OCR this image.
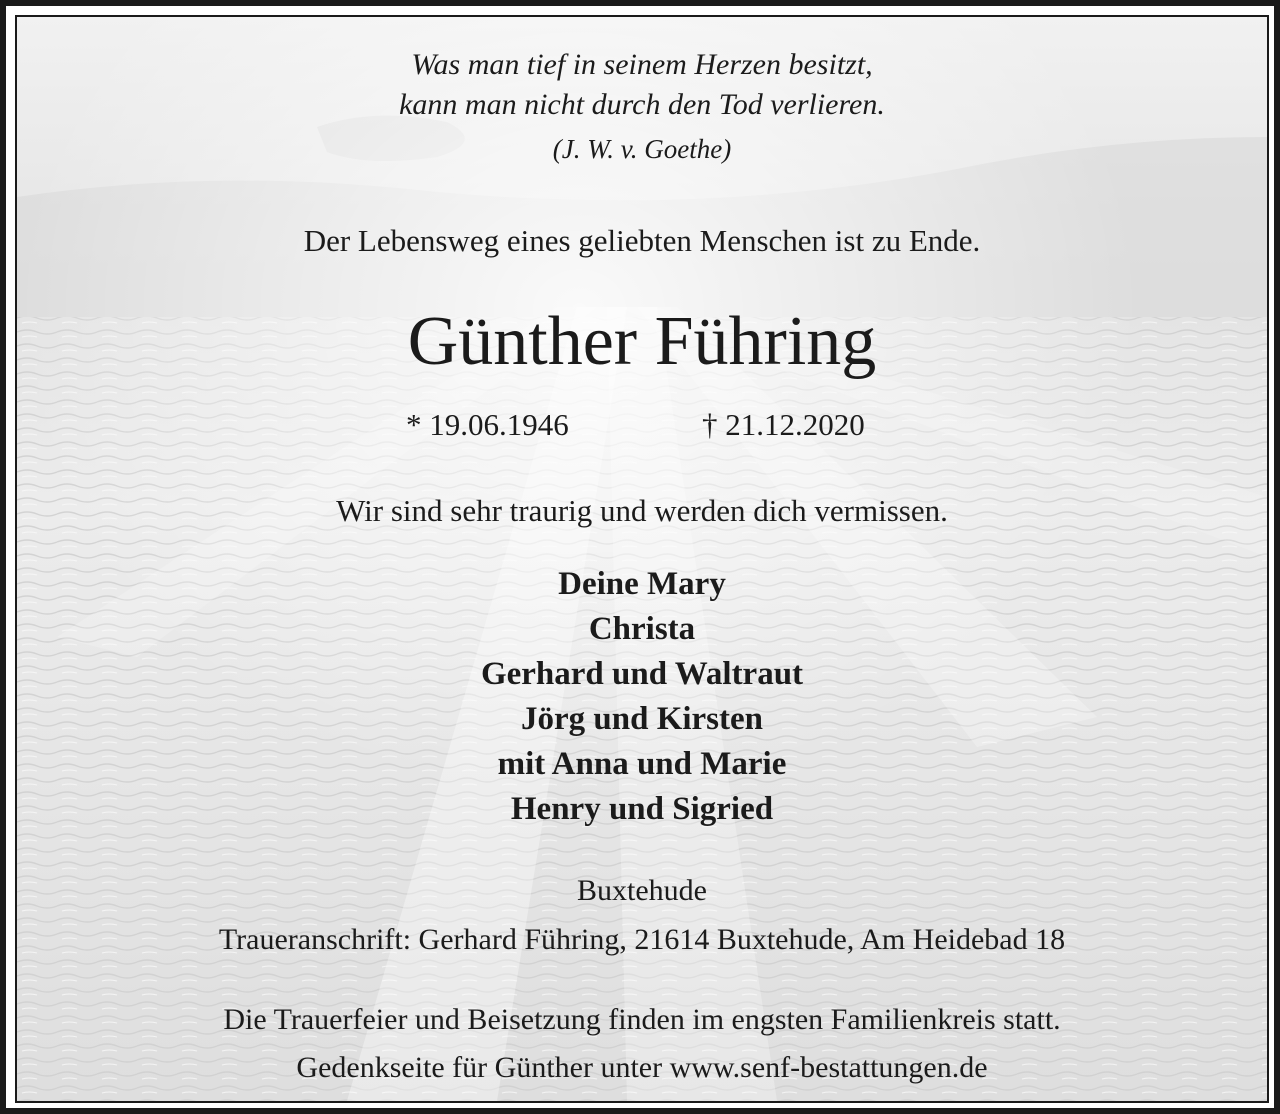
Was man tief in seinem Herzen besitzt,
kann man nicht durch den Tod verlieren.
(J. W. v. Goethe)
Der Lebensweg eines geliebten Menschen ist zu Ende.
Günther Führing
* 19.06.1946	† 21.12.2020
Wir sind sehr traurig und werden dich vermissen.
Deine Mary
Christa
Gerhard und Waltraut
Jörg und Kirsten
mit Anna und Marie
Henry und Sigried
Buxtehude
Traueranschrift: Gerhard Führing, 21614 Buxtehude, Am Heidebad 18
Die Trauerfeier und Beisetzung finden im engsten Familienkreis statt.
Gedenkseite für Günther unter www.senf-bestattungen.de
